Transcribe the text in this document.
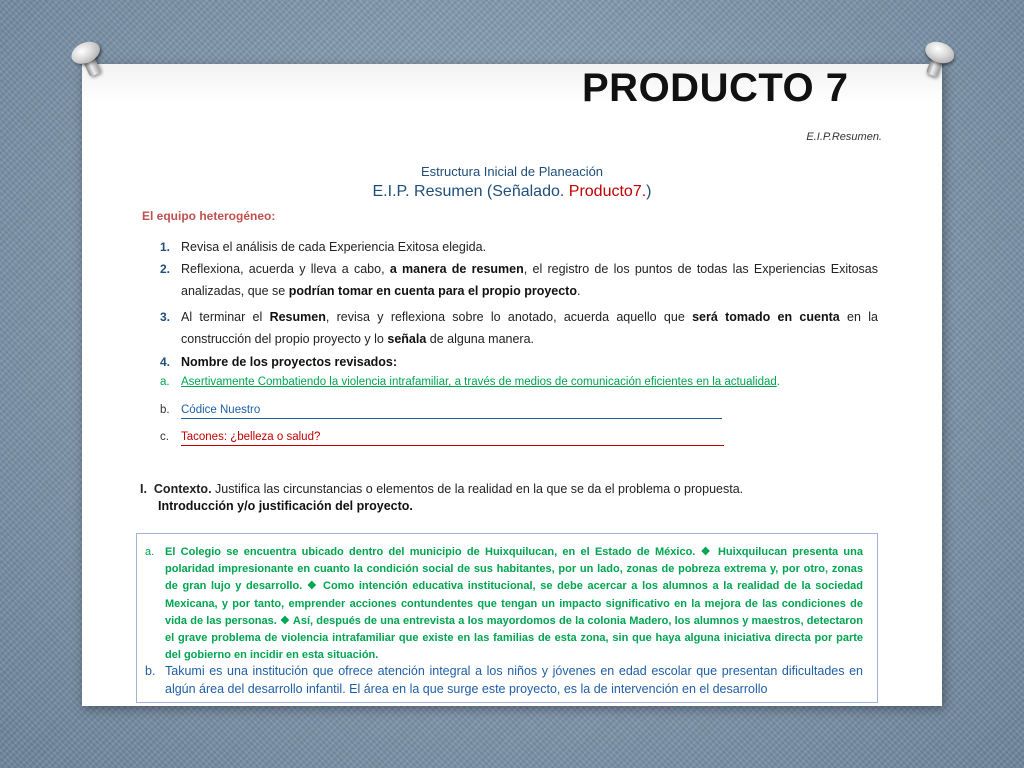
PRODUCTO 7
E.I.P.Resumen.
Estructura Inicial de Planeación
E.I.P. Resumen (Señalado. Producto7.)
El equipo heterogéneo:
1. Revisa el análisis de cada Experiencia Exitosa elegida.
2. Reflexiona, acuerda y lleva a cabo, a manera de resumen, el registro de los puntos de todas las Experiencias Exitosas analizadas, que se podrían tomar en cuenta para el propio proyecto.
3. Al terminar el Resumen, revisa y reflexiona sobre lo anotado, acuerda aquello que será tomado en cuenta en la construcción del propio proyecto y lo señala de alguna manera.
4. Nombre de los proyectos revisados:
a. Asertivamente Combatiendo la violencia intrafamiliar, a través de medios de comunicación eficientes en la actualidad.
b. Códice Nuestro
c. Tacones: ¿belleza o salud?
I. Contexto. Justifica las circunstancias o elementos de la realidad en la que se da el problema o propuesta.
Introducción y/o justificación del proyecto.
a. El Colegio se encuentra ubicado dentro del municipio de Huixquilucan, en el Estado de México. ❖ Huixquilucan presenta una polaridad impresionante en cuanto la condición social de sus habitantes, por un lado, zonas de pobreza extrema y, por otro, zonas de gran lujo y desarrollo. ❖ Como intención educativa institucional, se debe acercar a los alumnos a la realidad de la sociedad Mexicana, y por tanto, emprender acciones contundentes que tengan un impacto significativo en la mejora de las condiciones de vida de las personas. ❖ Así, después de una entrevista a los mayordomos de la colonia Madero, los alumnos y maestros, detectaron el grave problema de violencia intrafamiliar que existe en las familias de esta zona, sin que haya alguna iniciativa directa por parte del gobierno en incidir en esta situación.
b. Takumi es una institución que ofrece atención integral a los niños y jóvenes en edad escolar que presentan dificultades en algún área del desarrollo infantil. El área en la que surge este proyecto, es la de intervención en el desarrollo
